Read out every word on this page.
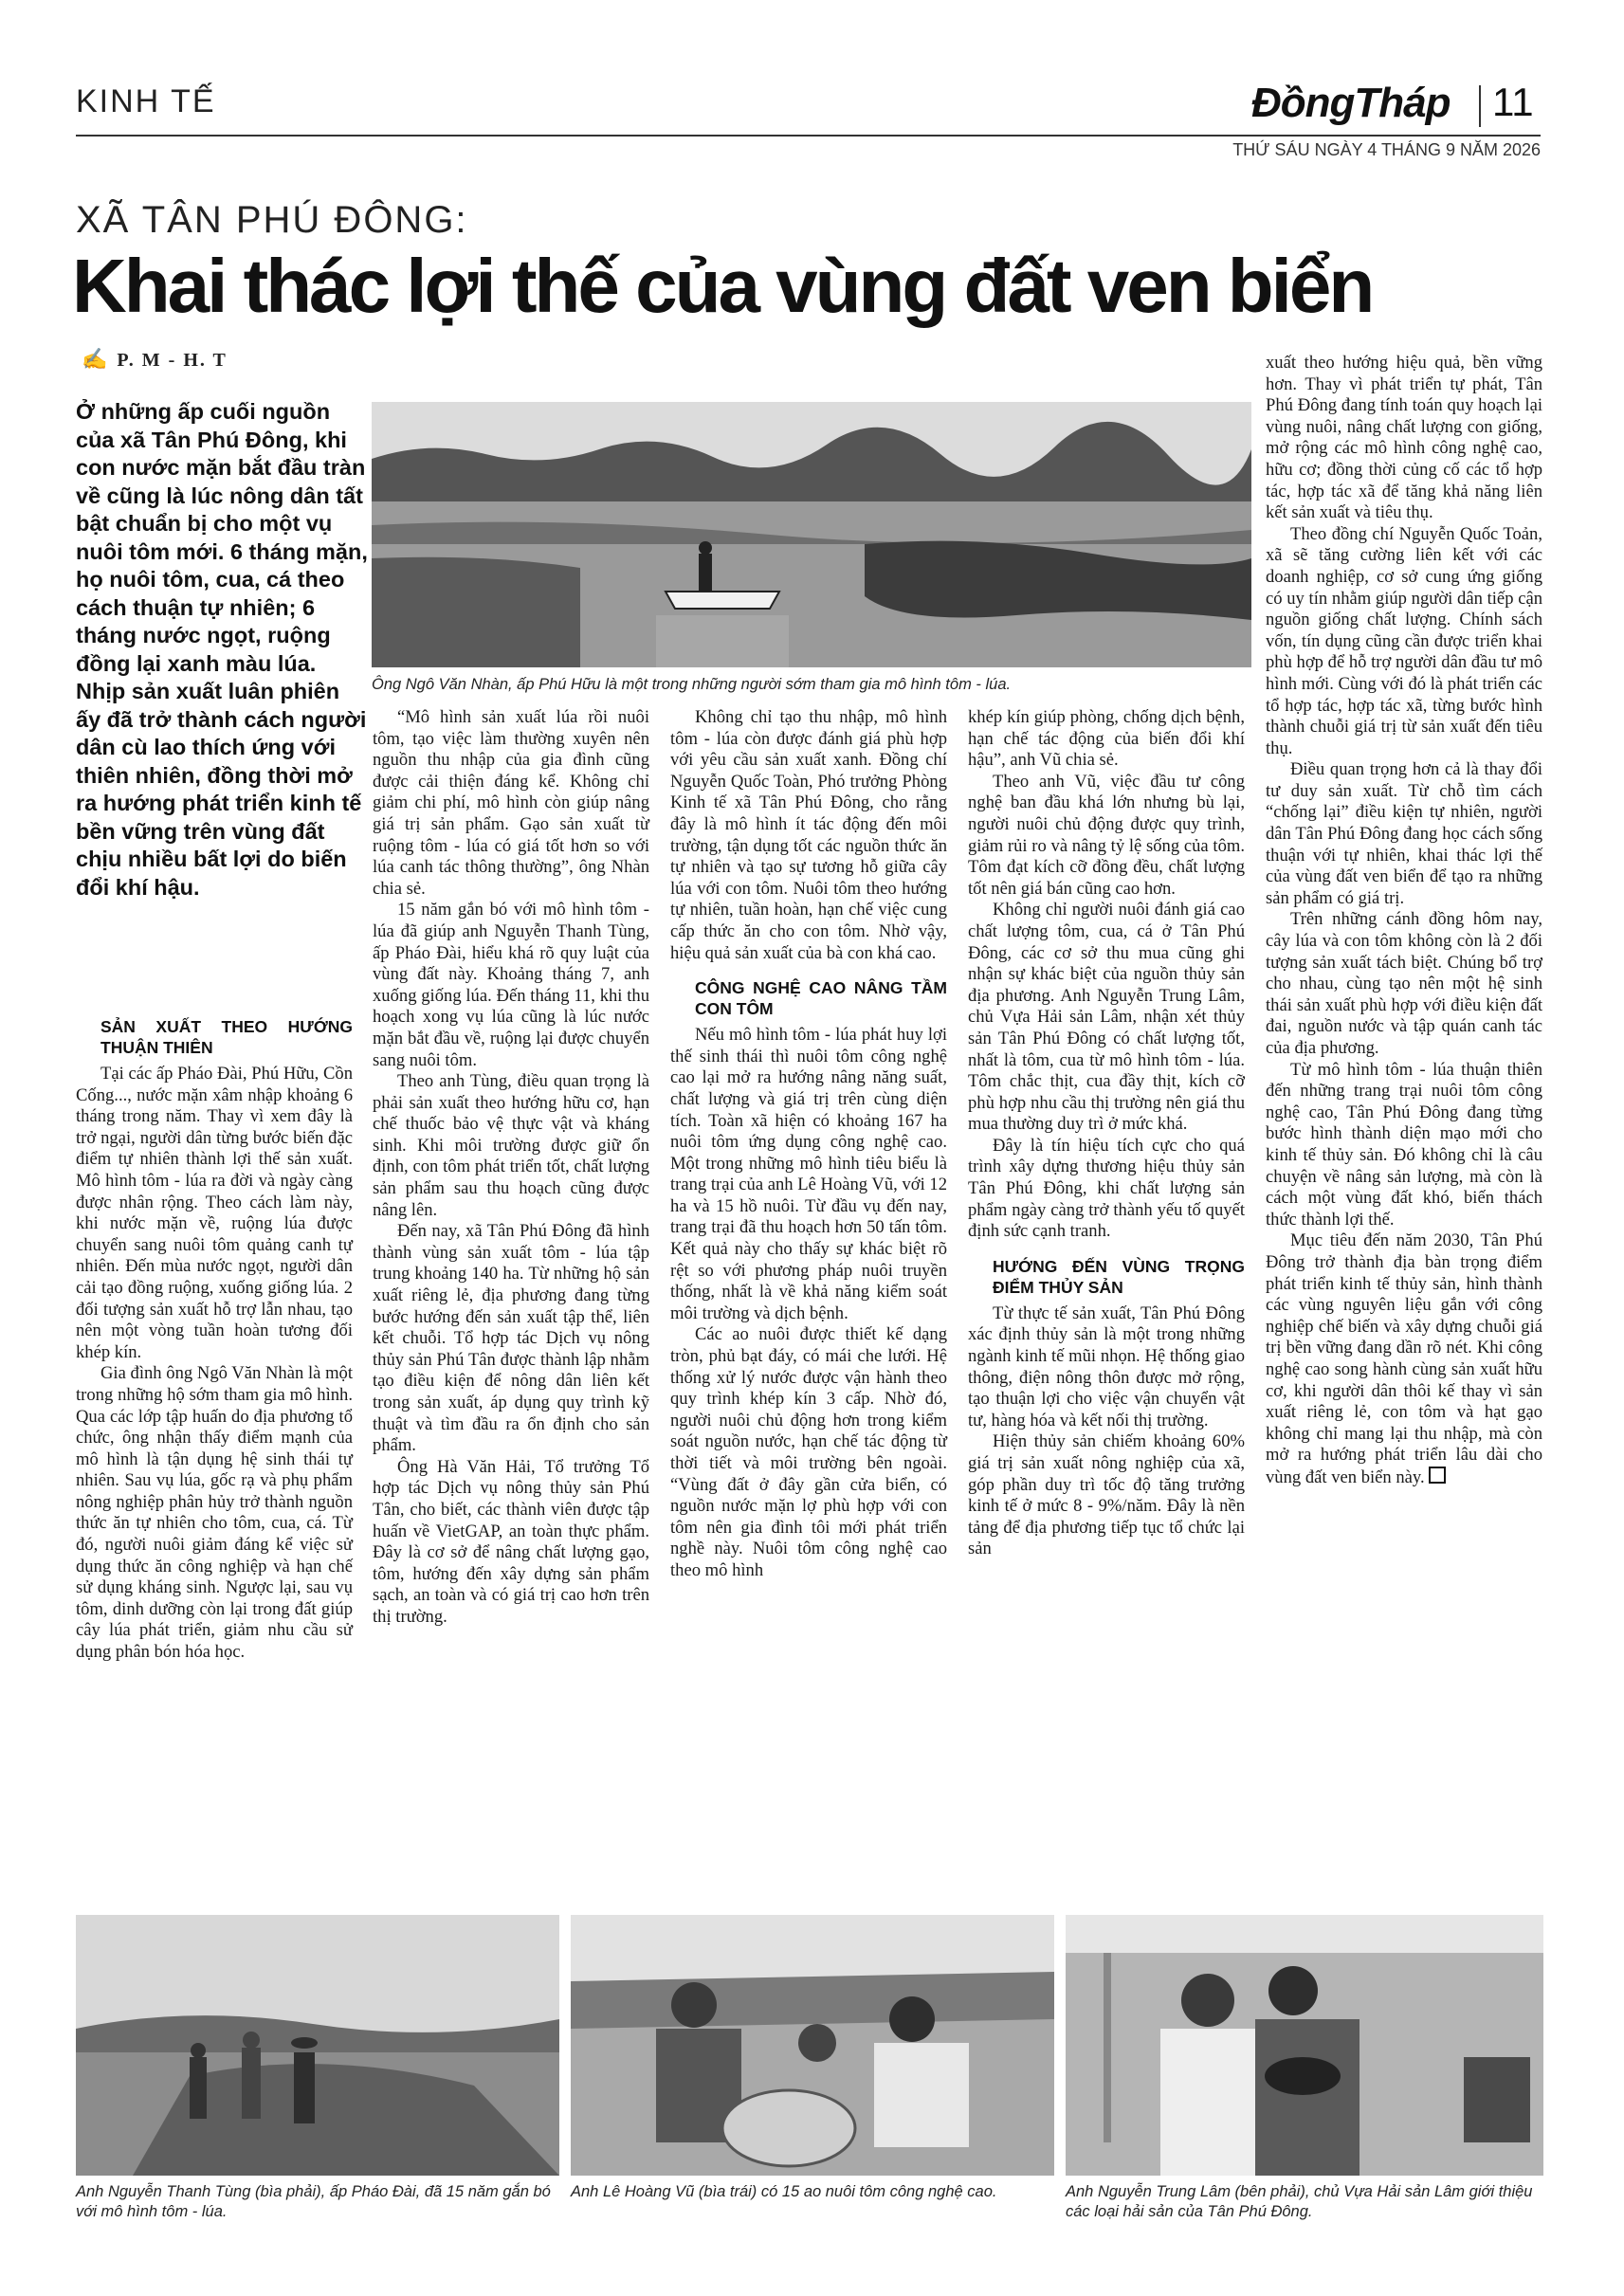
KINH TẾ	ĐồngTháp 11
THỨ SÁU NGÀY 4 THÁNG 9 NĂM 2026
XÃ TÂN PHÚ ĐÔNG:
Khai thác lợi thế của vùng đất ven biển
✍ P. M - H. T
Ở những ấp cuối nguồn của xã Tân Phú Đông, khi con nước mặn bắt đầu tràn về cũng là lúc nông dân tất bật chuẩn bị cho một vụ nuôi tôm mới. 6 tháng mặn, họ nuôi tôm, cua, cá theo cách thuận tự nhiên; 6 tháng nước ngọt, ruộng đồng lại xanh màu lúa. Nhịp sản xuất luân phiên ấy đã trở thành cách người dân cù lao thích ứng với thiên nhiên, đồng thời mở ra hướng phát triển kinh tế bền vững trên vùng đất chịu nhiều bất lợi do biến đổi khí hậu.
Ông Ngô Văn Nhàn, ấp Phú Hữu là một trong những người sớm tham gia mô hình tôm - lúa.
SẢN XUẤT THEO HƯỚNG THUẬN THIÊN

Tại các ấp Pháo Đài, Phú Hữu, Cồn Cống..., nước mặn xâm nhập khoảng 6 tháng trong năm. Thay vì xem đây là trở ngại, người dân từng bước biến đặc điểm tự nhiên thành lợi thế sản xuất. Mô hình tôm - lúa ra đời và ngày càng được nhân rộng. Theo cách làm này, khi nước mặn về, ruộng lúa được chuyển sang nuôi tôm quảng canh tự nhiên. Đến mùa nước ngọt, người dân cải tạo đồng ruộng, xuống giống lúa. 2 đối tượng sản xuất hỗ trợ lẫn nhau, tạo nên một vòng tuần hoàn tương đối khép kín.

Gia đình ông Ngô Văn Nhàn là một trong những hộ sớm tham gia mô hình. Qua các lớp tập huấn do địa phương tổ chức, ông nhận thấy điểm mạnh của mô hình là tận dụng hệ sinh thái tự nhiên. Sau vụ lúa, gốc rạ và phụ phẩm nông nghiệp phân hủy trở thành nguồn thức ăn tự nhiên cho tôm, cua, cá. Từ đó, người nuôi giảm đáng kể việc sử dụng thức ăn công nghiệp và hạn chế sử dụng kháng sinh. Ngược lại, sau vụ tôm, dinh dưỡng còn lại trong đất giúp cây lúa phát triển, giảm nhu cầu sử dụng phân bón hóa học.

“Mô hình sản xuất lúa rồi nuôi tôm, tạo việc làm thường xuyên nên nguồn thu nhập của gia đình cũng được cải thiện đáng kể. Không chỉ giảm chi phí, mô hình còn giúp nâng giá trị sản phẩm. Gạo sản xuất từ ruộng tôm - lúa có giá tốt hơn so với lúa canh tác thông thường”, ông Nhàn chia sẻ.

15 năm gắn bó với mô hình tôm - lúa đã giúp anh Nguyễn Thanh Tùng, ấp Pháo Đài, hiểu khá rõ quy luật của vùng đất này. Khoảng tháng 7, anh xuống giống lúa. Đến tháng 11, khi thu hoạch xong vụ lúa cũng là lúc nước mặn bắt đầu về, ruộng lại được chuyển sang nuôi tôm.

Theo anh Tùng, điều quan trọng là phải sản xuất theo hướng hữu cơ, hạn chế thuốc bảo vệ thực vật và kháng sinh. Khi môi trường được giữ ổn định, con tôm phát triển tốt, chất lượng sản phẩm sau thu hoạch cũng được nâng lên.

Đến nay, xã Tân Phú Đông đã hình thành vùng sản xuất tôm - lúa tập trung khoảng 140 ha. Từ những hộ sản xuất riêng lẻ, địa phương đang từng bước hướng đến sản xuất tập thể, liên kết chuỗi. Tổ hợp tác Dịch vụ nông thủy sản Phú Tân được thành lập nhằm tạo điều kiện để nông dân liên kết trong sản xuất, áp dụng quy trình kỹ thuật và tìm đầu ra ổn định cho sản phẩm.

Ông Hà Văn Hải, Tổ trưởng Tổ hợp tác Dịch vụ nông thủy sản Phú Tân, cho biết, các thành viên được tập huấn về VietGAP, an toàn thực phẩm. Đây là cơ sở để nâng chất lượng gạo, tôm, hướng đến xây dựng sản phẩm sạch, an toàn và có giá trị cao hơn trên thị trường.

Không chỉ tạo thu nhập, mô hình tôm - lúa còn được đánh giá phù hợp với yêu cầu sản xuất xanh. Đồng chí Nguyễn Quốc Toàn, Phó trưởng Phòng Kinh tế xã Tân Phú Đông, cho rằng đây là mô hình ít tác động đến môi trường, tận dụng tốt các nguồn thức ăn tự nhiên và tạo sự tương hỗ giữa cây lúa với con tôm. Nuôi tôm theo hướng tự nhiên, tuần hoàn, hạn chế việc cung cấp thức ăn cho con tôm. Nhờ vậy, hiệu quả sản xuất của bà con khá cao.

CÔNG NGHỆ CAO NÂNG TẦM CON TÔM

Nếu mô hình tôm - lúa phát huy lợi thế sinh thái thì nuôi tôm công nghệ cao lại mở ra hướng nâng năng suất, chất lượng và giá trị trên cùng diện tích. Toàn xã hiện có khoảng 167 ha nuôi tôm ứng dụng công nghệ cao. Một trong những mô hình tiêu biểu là trang trại của anh Lê Hoàng Vũ, với 12 ha và 15 hồ nuôi. Từ đầu vụ đến nay, trang trại đã thu hoạch hơn 50 tấn tôm. Kết quả này cho thấy sự khác biệt rõ rệt so với phương pháp nuôi truyền thống, nhất là về khả năng kiểm soát môi trường và dịch bệnh.

Các ao nuôi được thiết kế dạng tròn, phủ bạt đáy, có mái che lưới. Hệ thống xử lý nước được vận hành theo quy trình khép kín 3 cấp. Nhờ đó, người nuôi chủ động hơn trong kiểm soát nguồn nước, hạn chế tác động từ thời tiết và môi trường bên ngoài. “Vùng đất ở đây gần cửa biển, có nguồn nước mặn lợ phù hợp với con tôm nên gia đình tôi mới phát triển nghề này. Nuôi tôm công nghệ cao theo mô hình

khép kín giúp phòng, chống dịch bệnh, hạn chế tác động của biến đổi khí hậu”, anh Vũ chia sẻ.

Theo anh Vũ, việc đầu tư công nghệ ban đầu khá lớn nhưng bù lại, người nuôi chủ động được quy trình, giảm rủi ro và nâng tỷ lệ sống của tôm. Tôm đạt kích cỡ đồng đều, chất lượng tốt nên giá bán cũng cao hơn.

Không chỉ người nuôi đánh giá cao chất lượng tôm, cua, cá ở Tân Phú Đông, các cơ sở thu mua cũng ghi nhận sự khác biệt của nguồn thủy sản địa phương. Anh Nguyễn Trung Lâm, chủ Vựa Hải sản Lâm, nhận xét thủy sản Tân Phú Đông có chất lượng tốt, nhất là tôm, cua từ mô hình tôm - lúa. Tôm chắc thịt, cua đầy thịt, kích cỡ phù hợp nhu cầu thị trường nên giá thu mua thường duy trì ở mức khá.

Đây là tín hiệu tích cực cho quá trình xây dựng thương hiệu thủy sản Tân Phú Đông, khi chất lượng sản phẩm ngày càng trở thành yếu tố quyết định sức cạnh tranh.

HƯỚNG ĐẾN VÙNG TRỌNG ĐIỂM THỦY SẢN

Từ thực tế sản xuất, Tân Phú Đông xác định thủy sản là một trong những ngành kinh tế mũi nhọn. Hệ thống giao thông, điện nông thôn được mở rộng, tạo thuận lợi cho việc vận chuyển vật tư, hàng hóa và kết nối thị trường.

Hiện thủy sản chiếm khoảng 60% giá trị sản xuất nông nghiệp của xã, góp phần duy trì tốc độ tăng trưởng kinh tế ở mức 8 - 9%/năm. Đây là nền tảng để địa phương tiếp tục tổ chức lại sản

xuất theo hướng hiệu quả, bền vững hơn. Thay vì phát triển tự phát, Tân Phú Đông đang tính toán quy hoạch lại vùng nuôi, nâng chất lượng con giống, mở rộng các mô hình công nghệ cao, hữu cơ; đồng thời củng cố các tổ hợp tác, hợp tác xã để tăng khả năng liên kết sản xuất và tiêu thụ.

Theo đồng chí Nguyễn Quốc Toản, xã sẽ tăng cường liên kết với các doanh nghiệp, cơ sở cung ứng giống có uy tín nhằm giúp người dân tiếp cận nguồn giống chất lượng. Chính sách vốn, tín dụng cũng cần được triển khai phù hợp để hỗ trợ người dân đầu tư mô hình mới. Cùng với đó là phát triển các tổ hợp tác, hợp tác xã, từng bước hình thành chuỗi giá trị từ sản xuất đến tiêu thụ.

Điều quan trọng hơn cả là thay đổi tư duy sản xuất. Từ chỗ tìm cách “chống lại” điều kiện tự nhiên, người dân Tân Phú Đông đang học cách sống thuận với tự nhiên, khai thác lợi thế của vùng đất ven biển để tạo ra những sản phẩm có giá trị.

Trên những cánh đồng hôm nay, cây lúa và con tôm không còn là 2 đối tượng sản xuất tách biệt. Chúng bổ trợ cho nhau, cùng tạo nên một hệ sinh thái sản xuất phù hợp với điều kiện đất đai, nguồn nước và tập quán canh tác của địa phương.

Từ mô hình tôm - lúa thuận thiên đến những trang trại nuôi tôm công nghệ cao, Tân Phú Đông đang từng bước hình thành diện mạo mới cho kinh tế thủy sản. Đó không chỉ là câu chuyện về nâng sản lượng, mà còn là cách một vùng đất khó, biến thách thức thành lợi thế.

Mục tiêu đến năm 2030, Tân Phú Đông trở thành địa bàn trọng điểm phát triển kinh tế thủy sản, hình thành các vùng nguyên liệu gắn với công nghiệp chế biến và xây dựng chuỗi giá trị bền vững đang dần rõ nét. Khi công nghệ cao song hành cùng sản xuất hữu cơ, khi người dân thôi kế thay vì sản xuất riêng lẻ, con tôm và hạt gạo không chỉ mang lại thu nhập, mà còn mở ra hướng phát triển lâu dài cho vùng đất ven biển này.

Anh Nguyễn Thanh Tùng (bìa phải), ấp Pháo Đài, đã 15 năm gắn bó với mô hình tôm - lúa.
Anh Lê Hoàng Vũ (bìa trái) có 15 ao nuôi tôm công nghệ cao.	Anh Nguyễn Trung Lâm (bên phải), chủ Vựa Hải sản Lâm giới thiệu các loại hải sản của Tân Phú Đông.
